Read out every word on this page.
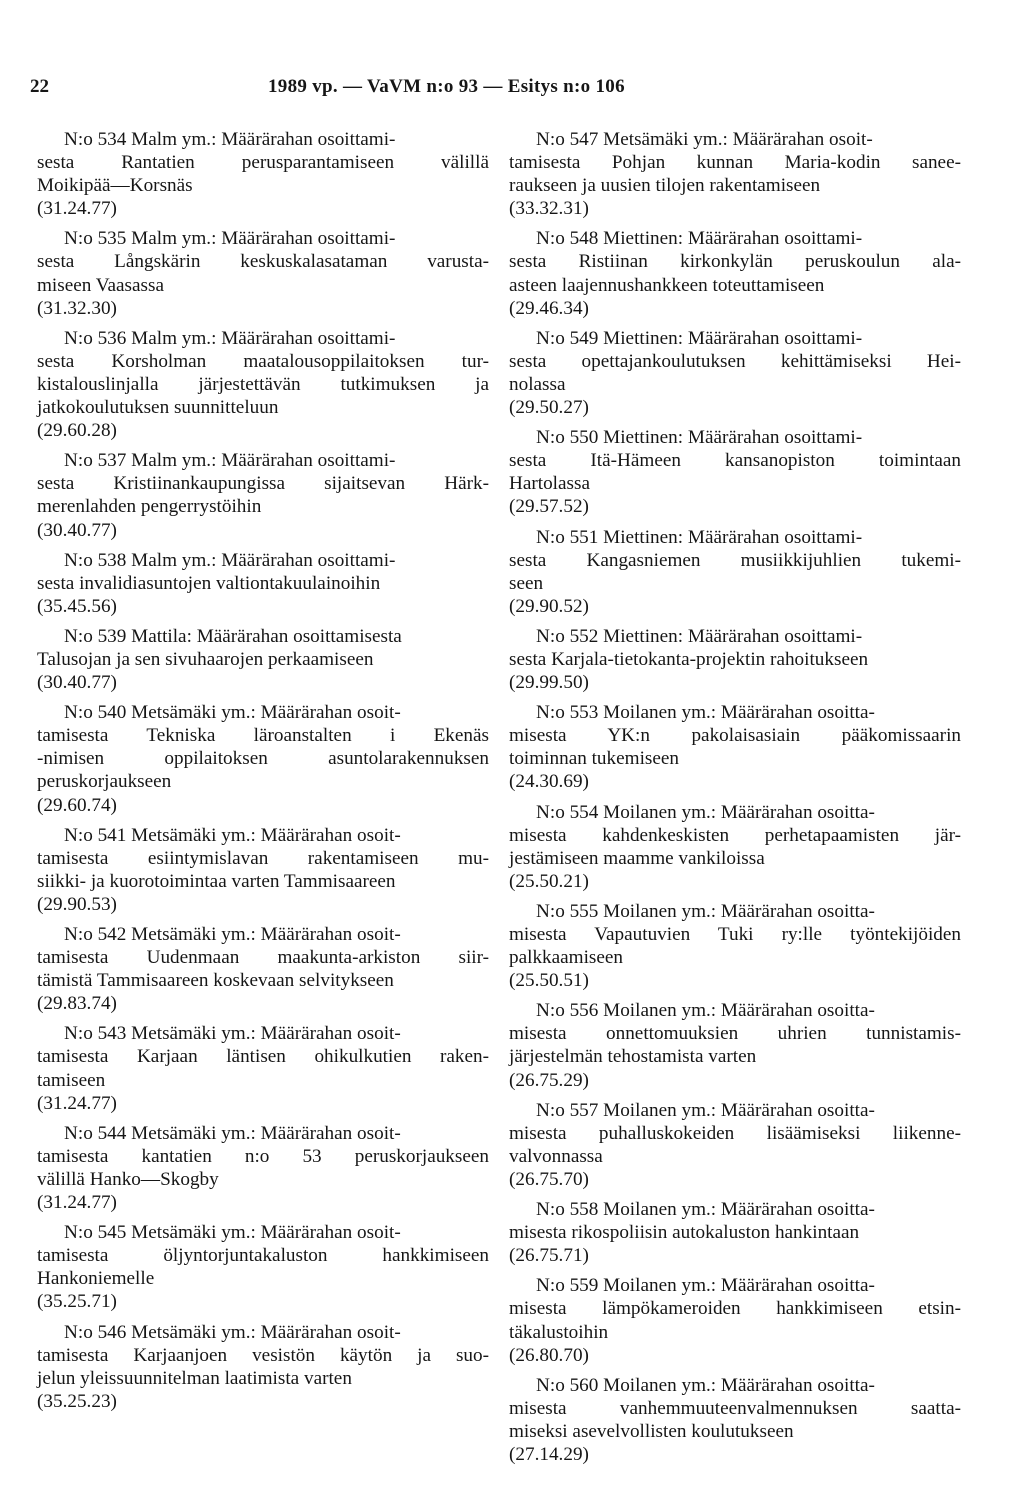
22	1989 vp. — VaVM n:o 93 — Esitys n:o 106
N:o 534 Malm ym.: Määrärahan osoittami-
sesta Rantatien perusparantamiseen välillä
Moikipää—Korsnäs
(31.24.77)
N:o 535 Malm ym.: Määrärahan osoittami-
sesta Långskärin keskuskalasataman varusta-
miseen Vaasassa
(31.32.30)
N:o 536 Malm ym.: Määrärahan osoittami-
sesta Korsholman maatalousoppilaitoksen tur-
kistalouslinjalla järjestettävän tutkimuksen ja
jatkokoulutuksen suunnitteluun
(29.60.28)
N:o 537 Malm ym.: Määrärahan osoittami-
sesta Kristiinankaupungissa sijaitsevan Härk-
merenlahden pengerrystöihin
(30.40.77)
N:o 538 Malm ym.: Määrärahan osoittami-
sesta invalidiasuntojen valtiontakuulainoihin
(35.45.56)
N:o 539 Mattila: Määrärahan osoittamisesta
Talusojan ja sen sivuhaarojen perkaamiseen
(30.40.77)
N:o 540 Metsämäki ym.: Määrärahan osoit-
tamisesta Tekniska läroanstalten i Ekenäs
-nimisen oppilaitoksen asuntolarakennuksen
peruskorjaukseen
(29.60.74)
N:o 541 Metsämäki ym.: Määrärahan osoit-
tamisesta esiintymislavan rakentamiseen mu-
siikki- ja kuorotoimintaa varten Tammisaareen
(29.90.53)
N:o 542 Metsämäki ym.: Määrärahan osoit-
tamisesta Uudenmaan maakunta-arkiston siir-
tämistä Tammisaareen koskevaan selvitykseen
(29.83.74)
N:o 543 Metsämäki ym.: Määrärahan osoit-
tamisesta Karjaan läntisen ohikulkutien raken-
tamiseen
(31.24.77)
N:o 544 Metsämäki ym.: Määrärahan osoit-
tamisesta kantatien n:o 53 peruskorjaukseen
välillä Hanko—Skogby
(31.24.77)
N:o 545 Metsämäki ym.: Määrärahan osoit-
tamisesta öljyntorjuntakaluston hankkimiseen
Hankoniemelle
(35.25.71)
N:o 546 Metsämäki ym.: Määrärahan osoit-
tamisesta Karjaanjoen vesistön käytön ja suo-
jelun yleissuunnitelman laatimista varten
(35.25.23)
N:o 547 Metsämäki ym.: Määrärahan osoit-
tamisesta Pohjan kunnan Maria-kodin sanee-
raukseen ja uusien tilojen rakentamiseen
(33.32.31)
N:o 548 Miettinen: Määrärahan osoittami-
sesta Ristiinan kirkonkylän peruskoulun ala-
asteen laajennushankkeen toteuttamiseen
(29.46.34)
N:o 549 Miettinen: Määrärahan osoittami-
sesta opettajankoulutuksen kehittämiseksi Hei-
nolassa
(29.50.27)
N:o 550 Miettinen: Määrärahan osoittami-
sesta Itä-Hämeen kansanopiston toimintaan
Hartolassa
(29.57.52)
N:o 551 Miettinen: Määrärahan osoittami-
sesta Kangasniemen musiikkijuhlien tukemi-
seen
(29.90.52)
N:o 552 Miettinen: Määrärahan osoittami-
sesta Karjala-tietokanta-projektin rahoitukseen
(29.99.50)
N:o 553 Moilanen ym.: Määrärahan osoitta-
misesta YK:n pakolaisasiain pääkomissaarin
toiminnan tukemiseen
(24.30.69)
N:o 554 Moilanen ym.: Määrärahan osoitta-
misesta kahdenkeskisten perhetapaamisten jär-
jestämiseen maamme vankiloissa
(25.50.21)
N:o 555 Moilanen ym.: Määrärahan osoitta-
misesta Vapautuvien Tuki ry:lle työntekijöiden
palkkaamiseen
(25.50.51)
N:o 556 Moilanen ym.: Määrärahan osoitta-
misesta onnettomuuksien uhrien tunnistamis-
järjestelmän tehostamista varten
(26.75.29)
N:o 557 Moilanen ym.: Määrärahan osoitta-
misesta puhalluskokeiden lisäämiseksi liikenne-
valvonnassa
(26.75.70)
N:o 558 Moilanen ym.: Määrärahan osoitta-
misesta rikospoliisin autokaluston hankintaan
(26.75.71)
N:o 559 Moilanen ym.: Määrärahan osoitta-
misesta lämpökameroiden hankkimiseen etsin-
täkalustoihin
(26.80.70)
N:o 560 Moilanen ym.: Määrärahan osoitta-
misesta vanhemmuuteenvalmennuksen saatta-
miseksi asevelvollisten koulutukseen
(27.14.29)
